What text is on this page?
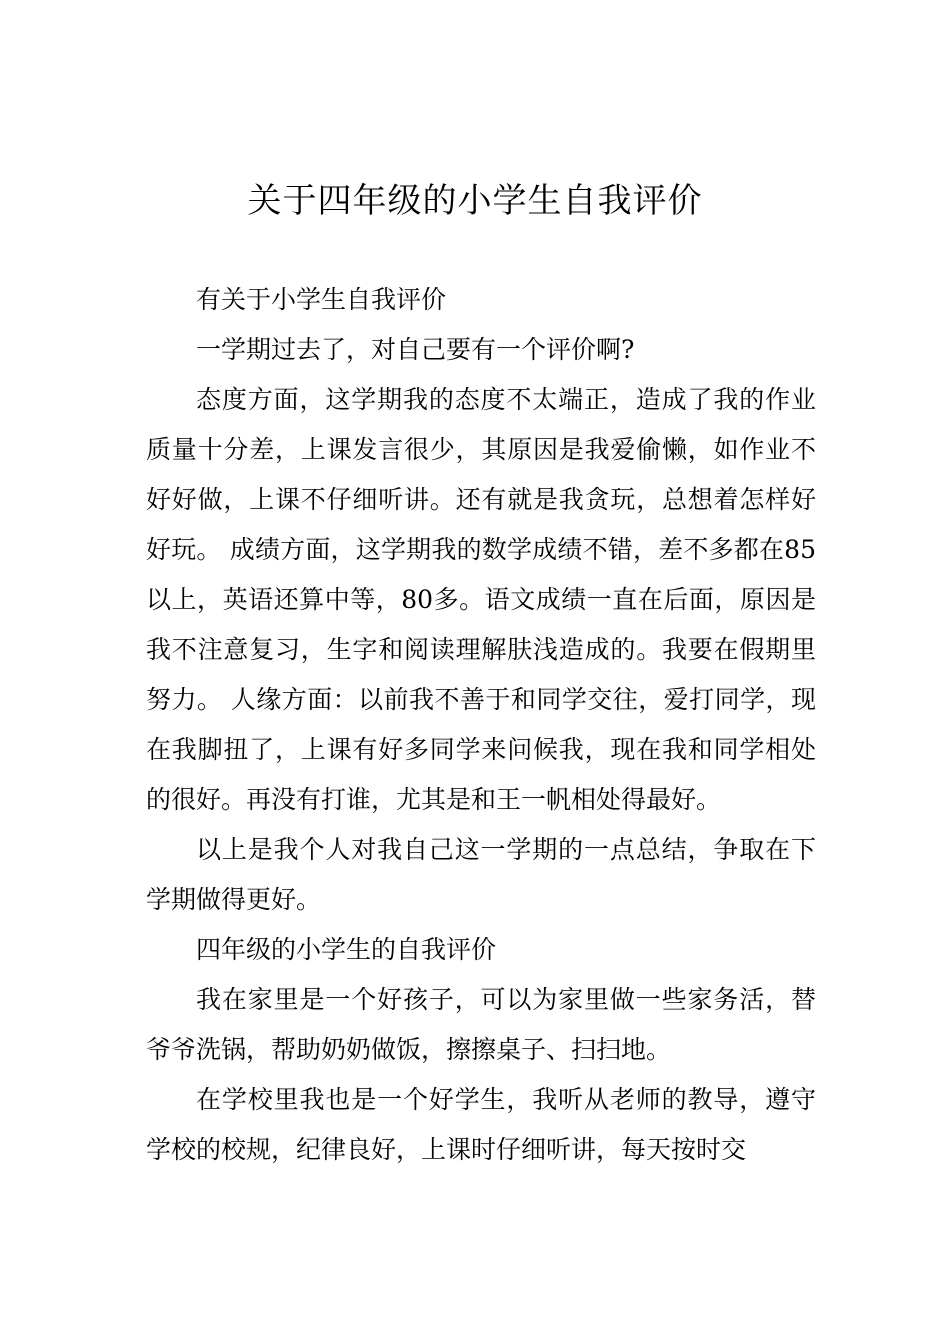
关于四年级的小学生自我评价

有关于小学生自我评价

一学期过去了，对自己要有一个评价啊?

态度方面，这学期我的态度不太端正，造成了我的作业质量十分差，上课发言很少，其原因是我爱偷懒，如作业不好好做，上课不仔细听讲。还有就是我贪玩，总想着怎样好好玩。 成绩方面，这学期我的数学成绩不错，差不多都在85以上，英语还算中等，80多。语文成绩一直在后面，原因是我不注意复习，生字和阅读理解肤浅造成的。我要在假期里努力。 人缘方面：以前我不善于和同学交往，爱打同学，现在我脚扭了，上课有好多同学来问候我，现在我和同学相处的很好。再没有打谁，尤其是和王一帆相处得最好。

以上是我个人对我自己这一学期的一点总结，争取在下学期做得更好。

四年级的小学生的自我评价

我在家里是一个好孩子，可以为家里做一些家务活，替爷爷洗锅，帮助奶奶做饭，擦擦桌子、扫扫地。

在学校里我也是一个好学生，我听从老师的教导，遵守学校的校规，纪律良好，上课时仔细听讲，每天按时交
